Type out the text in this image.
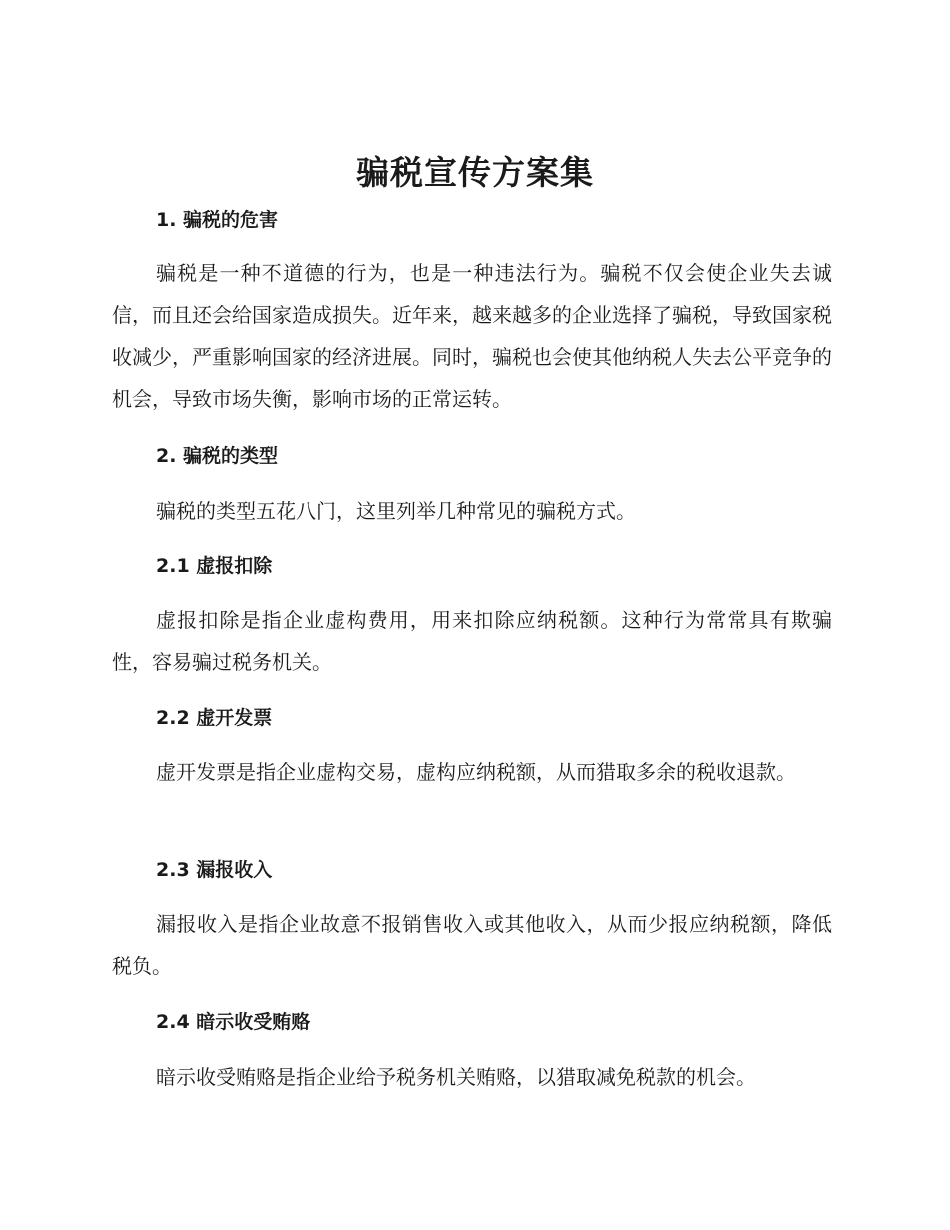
骗税宣传方案集
1. 骗税的危害
骗税是一种不道德的行为，也是一种违法行为。骗税不仅会使企业失去诚信，而且还会给国家造成损失。近年来，越来越多的企业选择了骗税，导致国家税收减少，严重影响国家的经济进展。同时，骗税也会使其他纳税人失去公平竞争的机会，导致市场失衡，影响市场的正常运转。
2. 骗税的类型
骗税的类型五花八门，这里列举几种常见的骗税方式。
2.1 虚报扣除
虚报扣除是指企业虚构费用，用来扣除应纳税额。这种行为常常具有欺骗性，容易骗过税务机关。
2.2 虚开发票
虚开发票是指企业虚构交易，虚构应纳税额，从而猎取多余的税收退款。
2.3 漏报收入
漏报收入是指企业故意不报销售收入或其他收入，从而少报应纳税额，降低税负。
2.4 暗示收受贿赂
暗示收受贿赂是指企业给予税务机关贿赂，以猎取减免税款的机会。
